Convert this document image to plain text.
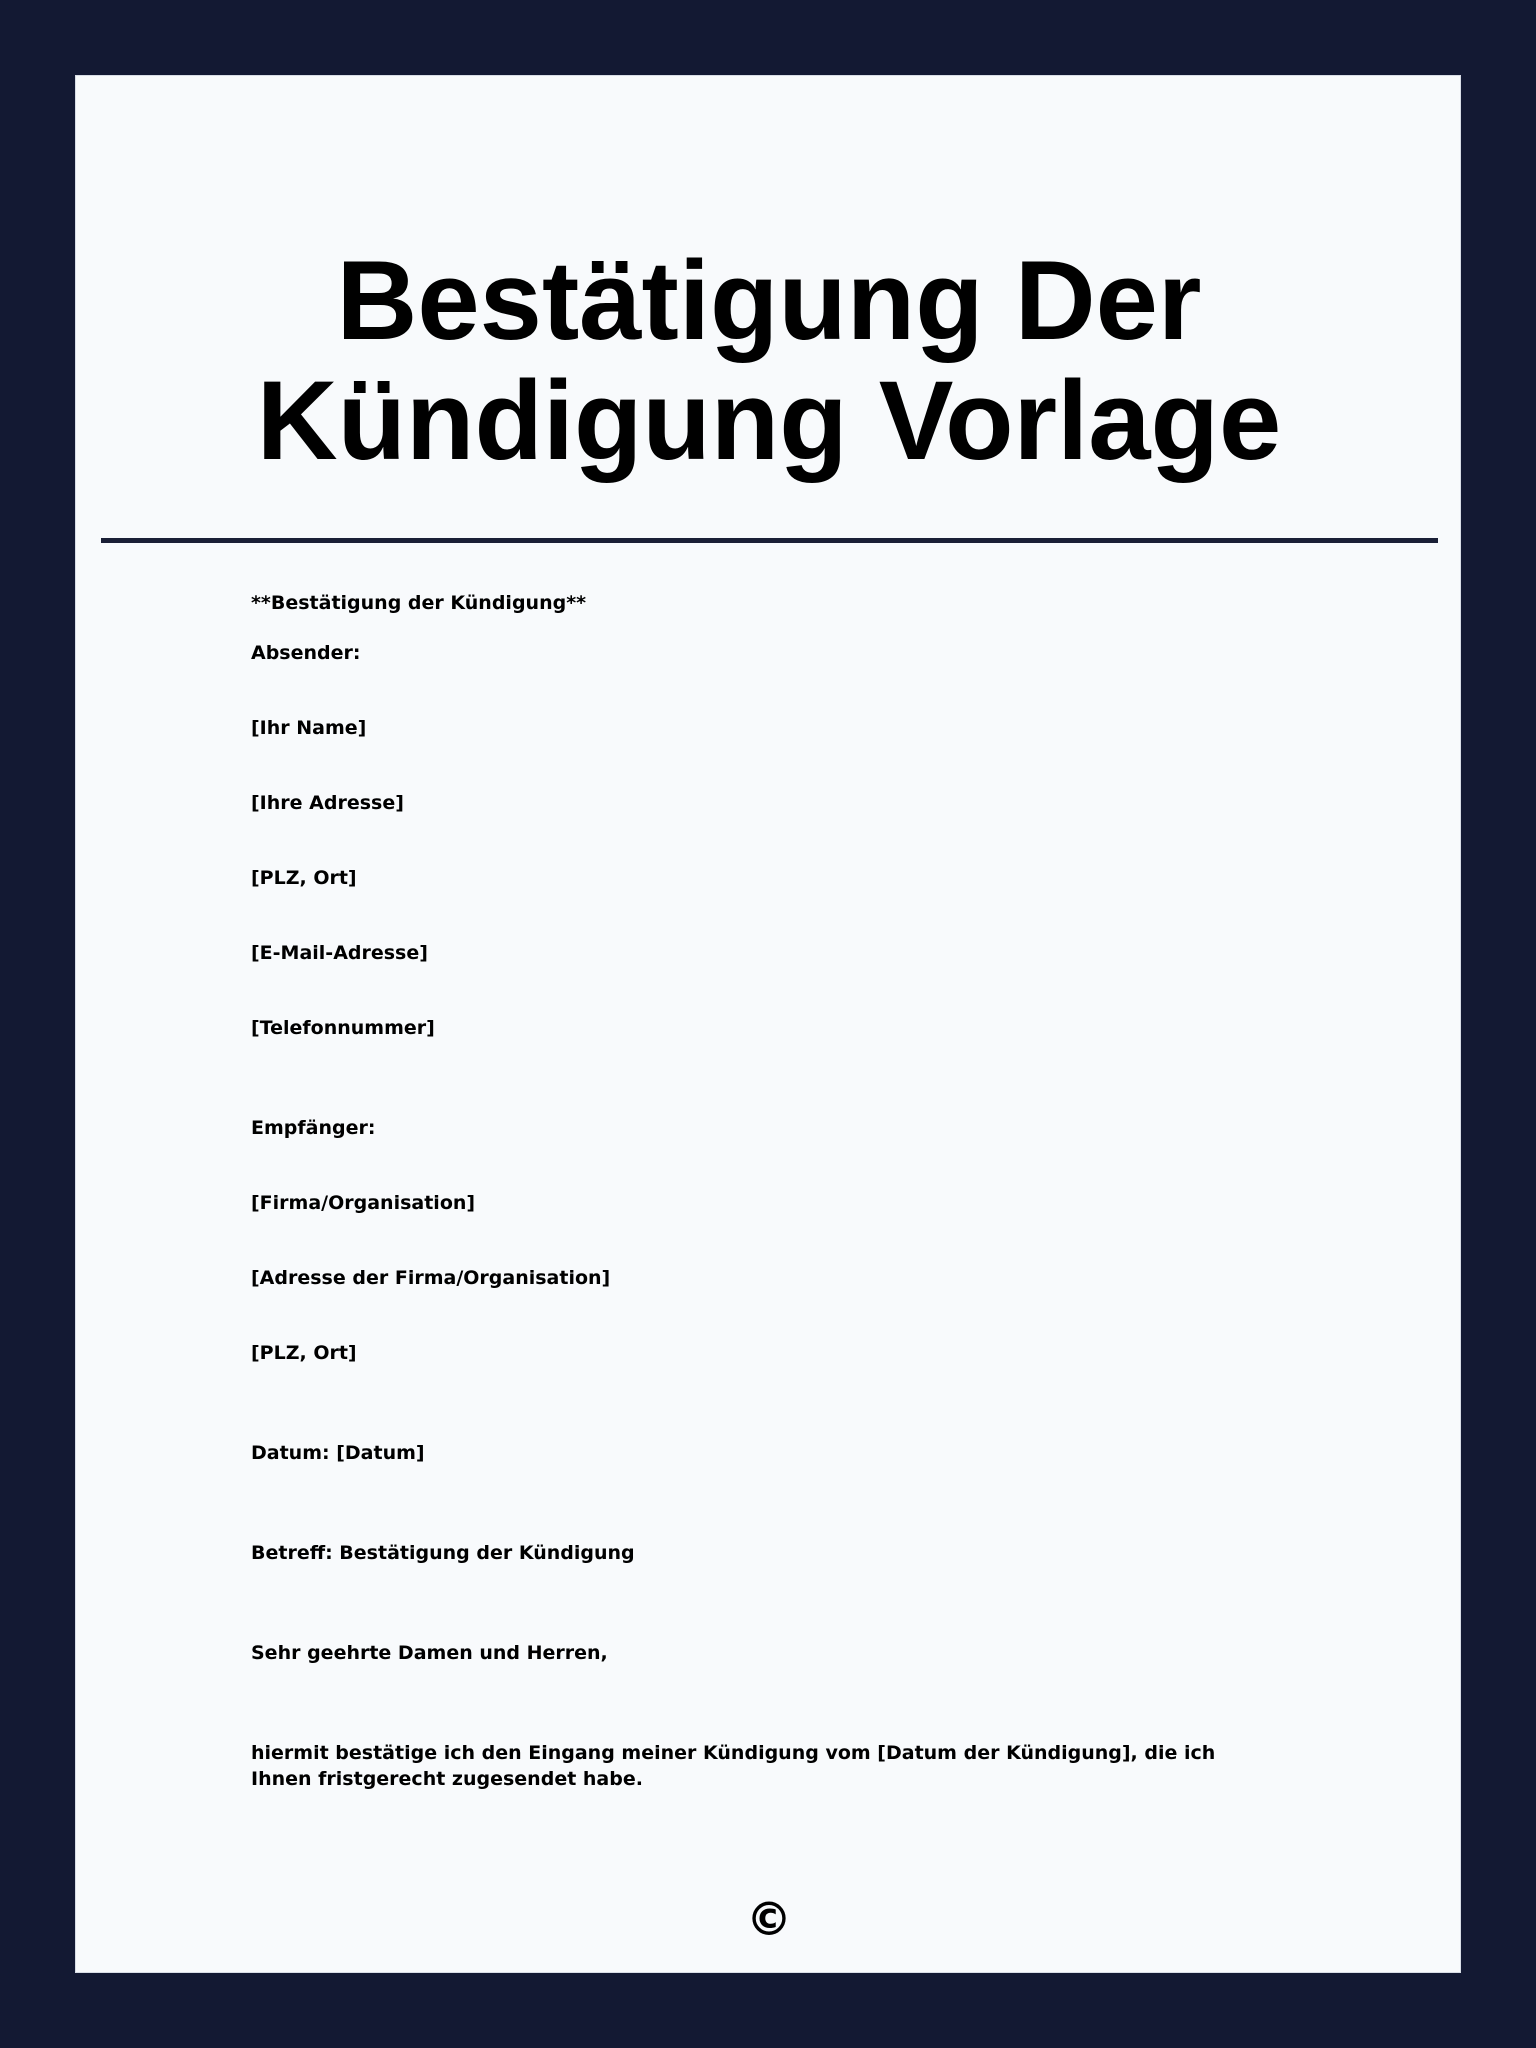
Bestätigung Der Kündigung Vorlage
**Bestätigung der Kündigung**
Absender:
[Ihr Name]
[Ihre Adresse]
[PLZ, Ort]
[E-Mail-Adresse]
[Telefonnummer]
Empfänger:
[Firma/Organisation]
[Adresse der Firma/Organisation]
[PLZ, Ort]
Datum: [Datum]
Betreff: Bestätigung der Kündigung
Sehr geehrte Damen und Herren,
hiermit bestätige ich den Eingang meiner Kündigung vom [Datum der Kündigung], die ich Ihnen fristgerecht zugesendet habe.
©
